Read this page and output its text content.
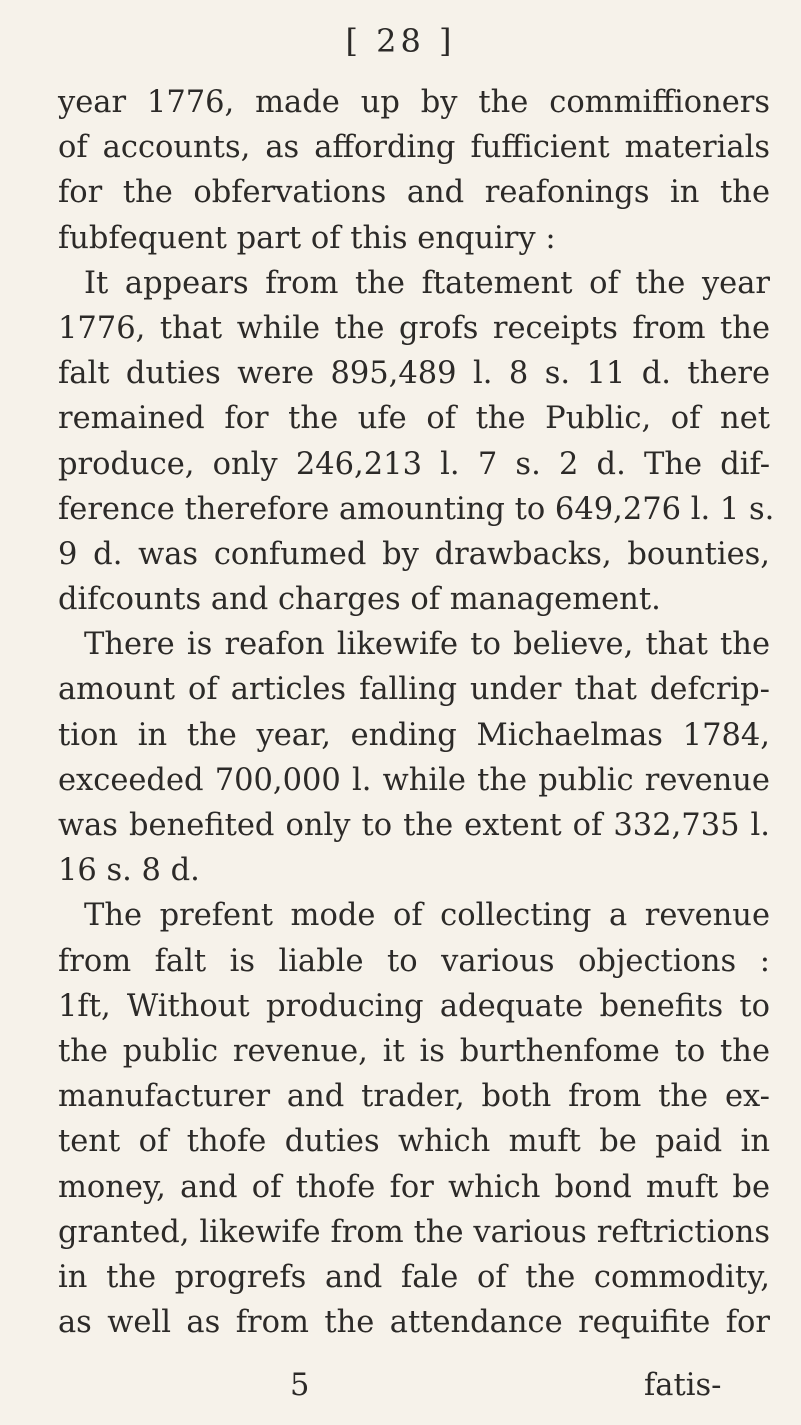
[ 28 ]
year 1776, made up by the commiffioners
of accounts, as affording fufficient materials
for the obfervations and reafonings in the
fubfequent part of this enquiry :
It appears from the ftatement of the year
1776, that while the grofs receipts from the
falt duties were 895,489 l. 8 s. 11 d. there
remained for the ufe of the Public, of net
produce, only 246,213 l. 7 s. 2 d. The dif-
ference therefore amounting to 649,276 l. 1 s.
9 d. was confumed by drawbacks, bounties,
difcounts and charges of management.
There is reafon likewife to believe, that the
amount of articles falling under that defcrip-
tion in the year, ending Michaelmas 1784,
exceeded 700,000 l. while the public revenue
was benefited only to the extent of 332,735 l.
16 s. 8 d.
The prefent mode of collecting a revenue
from falt is liable to various objections :
1ft, Without producing adequate benefits to
the public revenue, it is burthenfome to the
manufacturer and trader, both from the ex-
tent of thofe duties which muft be paid in
money, and of thofe for which bond muft be
granted, likewife from the various reftrictions
in the progrefs and fale of the commodity,
as well as from the attendance requifite for
5	fatis-
